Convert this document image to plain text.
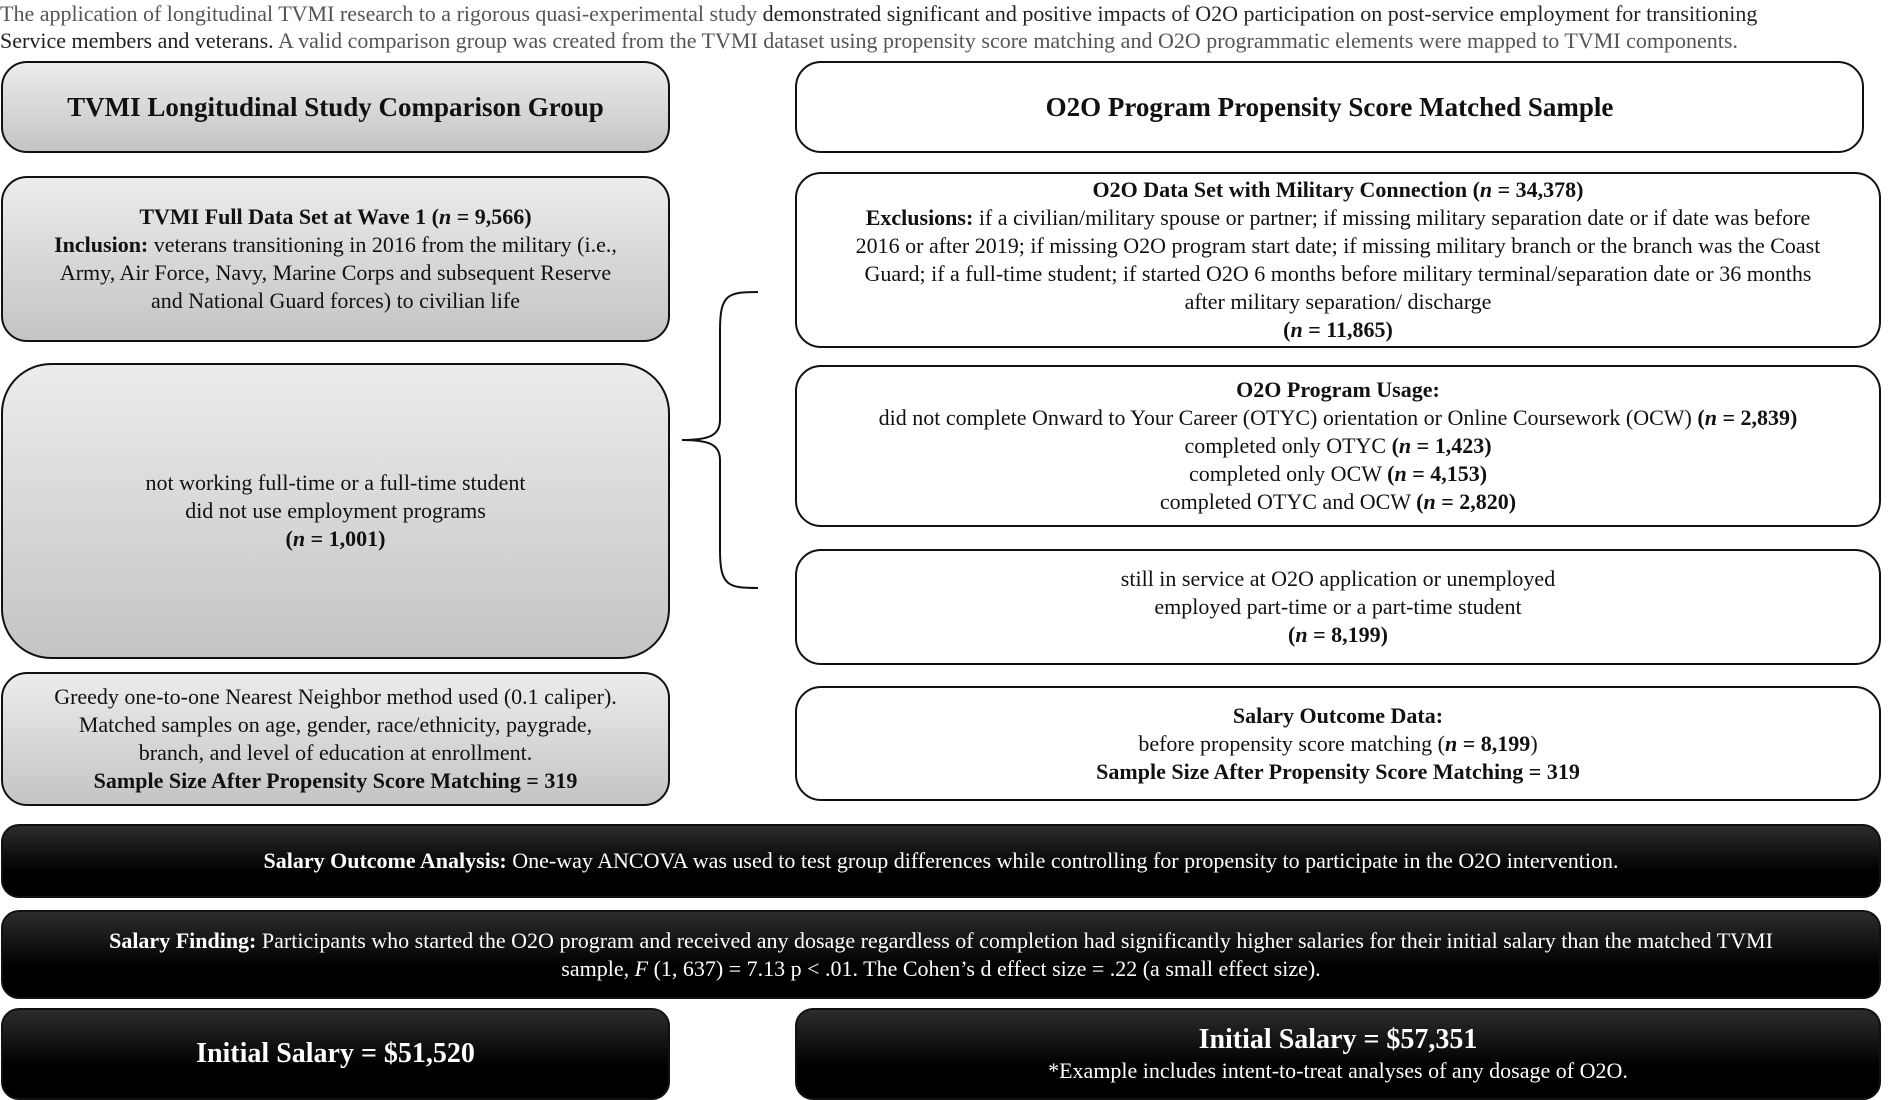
The application of longitudinal TVMI research to a rigorous quasi-experimental study demonstrated significant and positive impacts of O2O participation on post-service employment for transitioning
Service members and veterans. A valid comparison group was created from the TVMI dataset using propensity score matching and O2O programmatic elements were mapped to TVMI components.
TVMI Longitudinal Study Comparison Group
TVMI Full Data Set at Wave 1 (n = 9,566)
Inclusion: veterans transitioning in 2016 from the military (i.e.,
Army, Air Force, Navy, Marine Corps and subsequent Reserve
and National Guard forces) to civilian life
not working full-time or a full-time student
did not use employment programs
(n = 1,001)
Greedy one-to-one Nearest Neighbor method used (0.1 caliper).
Matched samples on age, gender, race/ethnicity, paygrade,
branch, and level of education at enrollment.
Sample Size After Propensity Score Matching = 319
O2O Program Propensity Score Matched Sample
O2O Data Set with Military Connection (n = 34,378)
Exclusions: if a civilian/military spouse or partner; if missing military separation date or if date was before
2016 or after 2019; if missing O2O program start date; if missing military branch or the branch was the Coast
Guard; if a full-time student; if started O2O 6 months before military terminal/separation date or 36 months
after military separation/ discharge
(n = 11,865)
O2O Program Usage:
did not complete Onward to Your Career (OTYC) orientation or Online Coursework (OCW) (n = 2,839)
completed only OTYC (n = 1,423)
completed only OCW (n = 4,153)
completed OTYC and OCW (n = 2,820)
still in service at O2O application or unemployed
employed part-time or a part-time student
(n = 8,199)
Salary Outcome Data:
before propensity score matching (n = 8,199)
Sample Size After Propensity Score Matching = 319
Salary Outcome Analysis: One-way ANCOVA was used to test group differences while controlling for propensity to participate in the O2O intervention.
Salary Finding: Participants who started the O2O program and received any dosage regardless of completion had significantly higher salaries for their initial salary than the matched TVMI
sample, F (1, 637) = 7.13 p < .01. The Cohen’s d effect size = .22 (a small effect size).
Initial Salary = $51,520	Initial Salary = $57,351
*Example includes intent-to-treat analyses of any dosage of O2O.
